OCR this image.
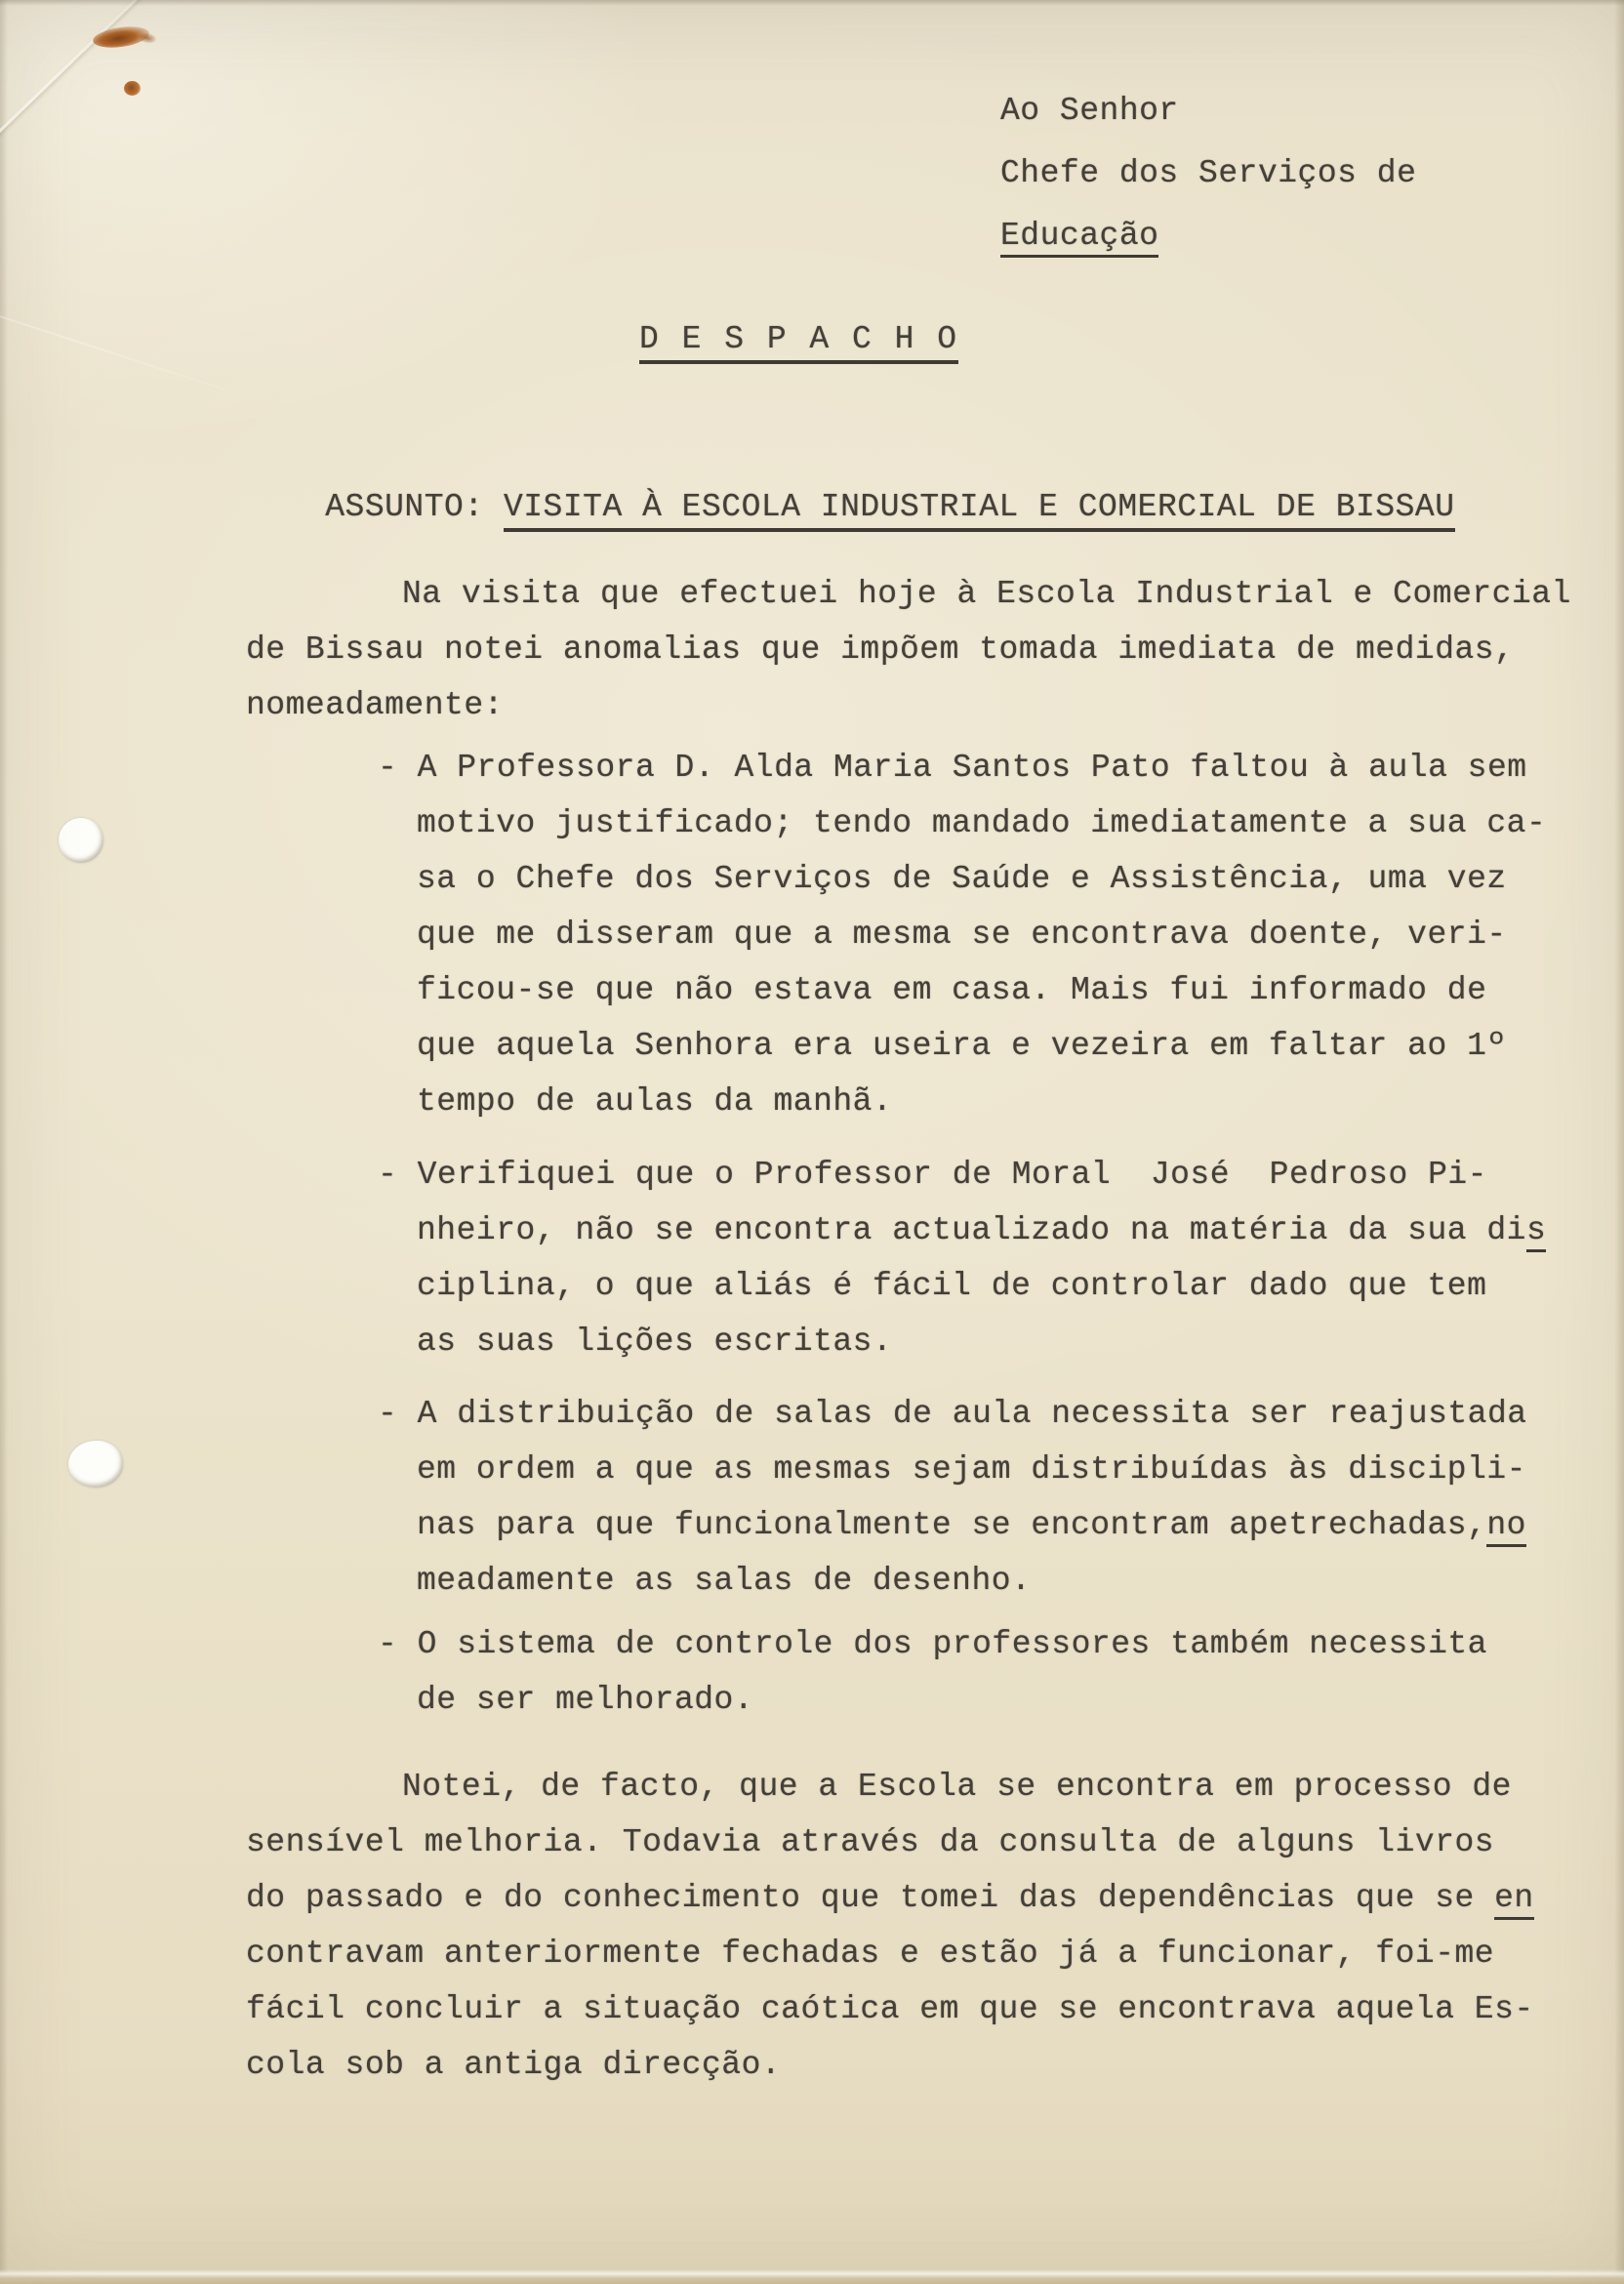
Ao Senhor
Chefe dos Serviços de
Educação
D E S P A C H O

ASSUNTO: VISITA À ESCOLA INDUSTRIAL E COMERCIAL DE BISSAU

Na visita que efectuei hoje à Escola Industrial e Comercial
de Bissau notei anomalias que impõem tomada imediata de medidas,
nomeadamente:
- A Professora D. Alda Maria Santos Pato faltou à aula sem
motivo justificado; tendo mandado imediatamente a sua ca-
sa o Chefe dos Serviços de Saúde e Assistência, uma vez
que me disseram que a mesma se encontrava doente, veri-
ficou-se que não estava em casa. Mais fui informado de
que aquela Senhora era useira e vezeira em faltar ao 1º
tempo de aulas da manhã.
- Verifiquei que o Professor de Moral  José  Pedroso Pi-
nheiro, não se encontra actualizado na matéria da sua dis
ciplina, o que aliás é fácil de controlar dado que tem
as suas lições escritas.
- A distribuição de salas de aula necessita ser reajustada
em ordem a que as mesmas sejam distribuídas às discipli-
nas para que funcionalmente se encontram apetrechadas,no
meadamente as salas de desenho.
- O sistema de controle dos professores também necessita
de ser melhorado.
Notei, de facto, que a Escola se encontra em processo de
sensível melhoria. Todavia através da consulta de alguns livros
do passado e do conhecimento que tomei das dependências que se en
contravam anteriormente fechadas e estão já a funcionar, foi-me
fácil concluir a situação caótica em que se encontrava aquela Es-
cola sob a antiga direcção.
